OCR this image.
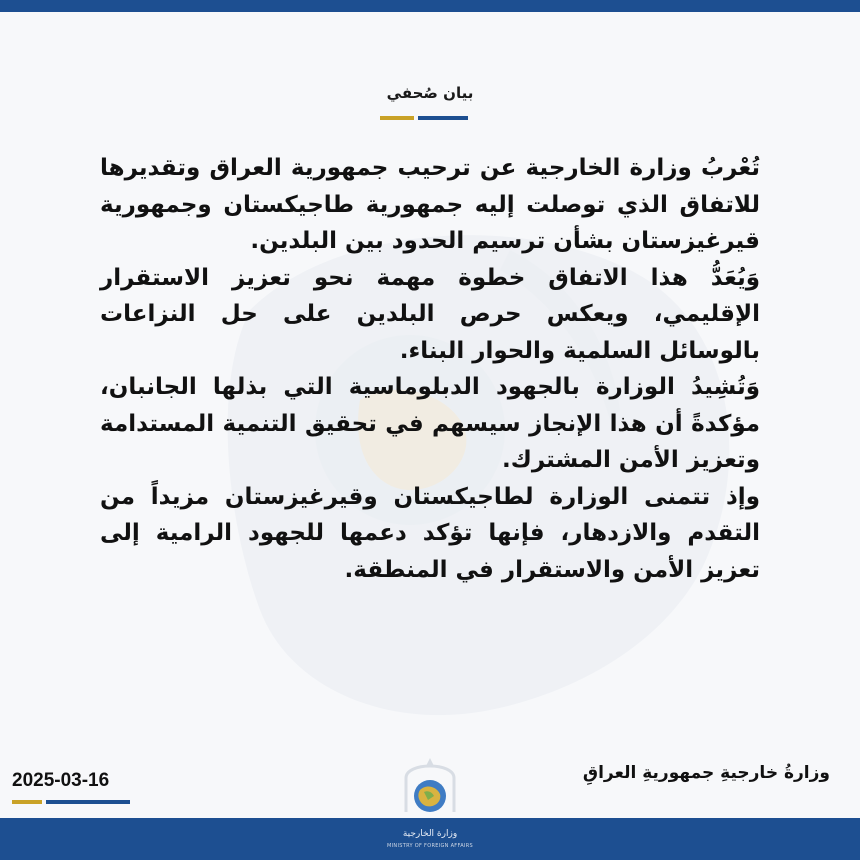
بيان صُحفي

تُعْربُ وزارة الخارجية عن ترحيب جمهورية العراق وتقديرها للاتفاق الذي توصلت إليه جمهورية طاجيكستان وجمهورية قيرغيزستان بشأن ترسيم الحدود بين البلدين.

وَيُعَدُّ هذا الاتفاق خطوة مهمة نحو تعزيز الاستقرار الإقليمي، ويعكس حرص البلدين على حل النزاعات بالوسائل السلمية والحوار البناء.

وَتُشِيدُ الوزارة بالجهود الدبلوماسية التي بذلها الجانبان، مؤكدةً أن هذا الإنجاز سيسهم في تحقيق التنمية المستدامة وتعزيز الأمن المشترك.

وإذ تتمنى الوزارة لطاجيكستان وقيرغيزستان مزيداً من التقدم والازدهار، فإنها تؤكد دعمها للجهود الرامية إلى تعزيز الأمن والاستقرار في المنطقة.

وزارةُ خارجيةِ جمهوريةِ العراقِ
2025-03-16
وزارة الخارجية
MINISTRY OF FOREIGN AFFAIRS
